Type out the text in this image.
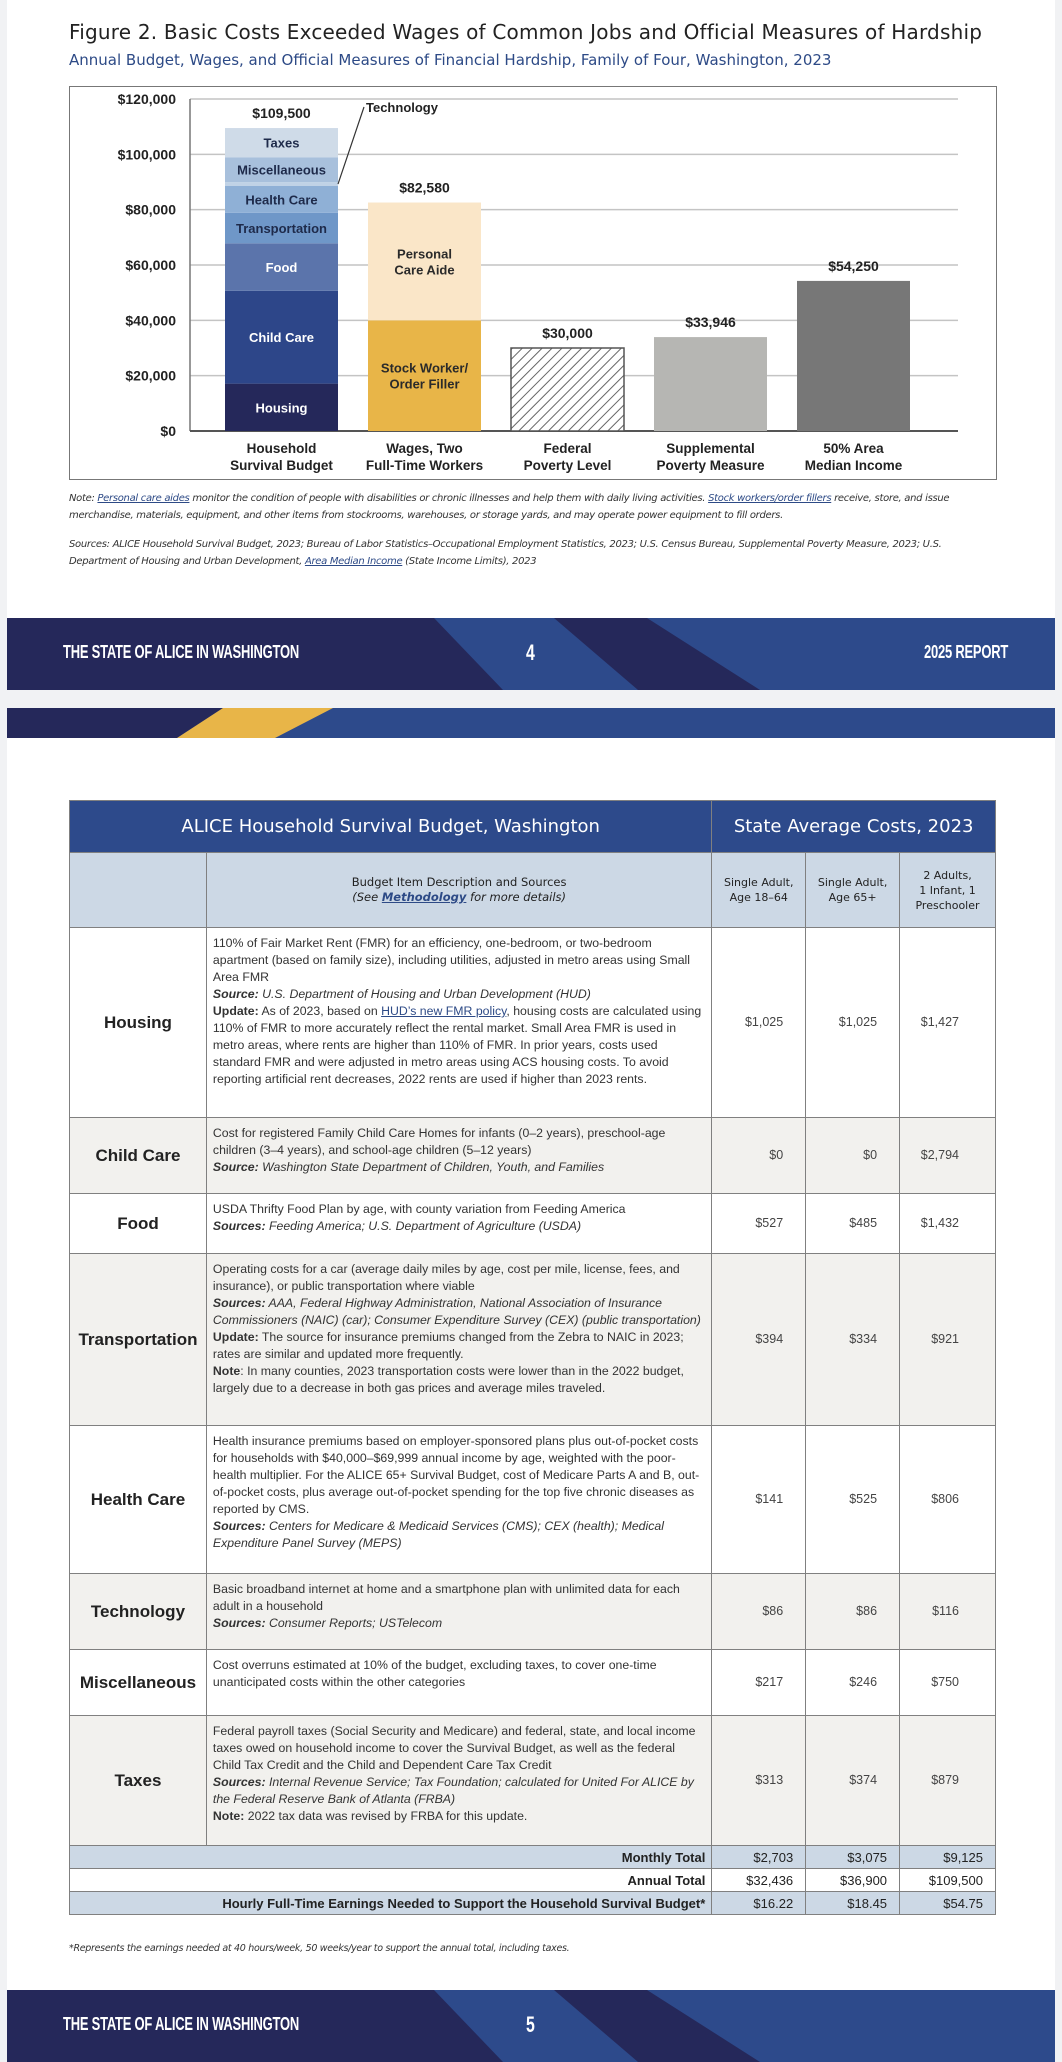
Figure 2. Basic Costs Exceeded Wages of Common Jobs and Official Measures of Hardship
Annual Budget, Wages, and Official Measures of Financial Hardship, Family of Four, Washington, 2023
$0
$20,000
$40,000
$60,000
$80,000
$100,000
$120,000
Housing
Child Care
Food
Transportation
Health Care
Miscellaneous
Taxes
$109,500
Household
Survival Budget
Stock Worker/
Order Filler
Personal
Care Aide
$82,580
Wages, Two
Full-Time Workers
$30,000
Federal
Poverty Level
$33,946
Supplemental
Poverty Measure
$54,250
50% Area
Median Income
Technology
Note: Personal care aides monitor the condition of people with disabilities or chronic illnesses and help them with daily living activities. Stock workers/order fillers receive, store, and issue merchandise, materials, equipment, and other items from stockrooms, warehouses, or storage yards, and may operate power equipment to fill orders.
Sources: ALICE Household Survival Budget, 2023; Bureau of Labor Statistics–Occupational Employment Statistics, 2023; U.S. Census Bureau, Supplemental Poverty Measure, 2023; U.S. Department of Housing and Urban Development, Area Median Income (State Income Limits), 2023
THE STATE OF ALICE IN WASHINGTON	4	2025 REPORT
ALICE Household Survival Budget, Washington		State Average Costs, 2023		

Budget Item Description and Sources
(See Methodology for more details)

Single Adult,
Age 18–64

Single Adult,
Age 65+

2 Adults,
1 Infant, 1
Preschooler

Housing	110% of Fair Market Rent (FMR) for an efficiency, one-bedroom, or two-bedroom apartment (based on family size), including utilities, adjusted in metro areas using Small Area FMR
Source: U.S. Department of Housing and Urban Development (HUD)
Update: As of 2023, based on HUD’s new FMR policy, housing costs are calculated using 110% of FMR to more accurately reflect the rental market. Small Area FMR is used in metro areas, where rents are higher than 110% of FMR. In prior years, costs used standard FMR and were adjusted in metro areas using ACS housing costs. To avoid reporting artificial rent decreases, 2022 rents are used if higher than 2023 rents.	$1,025	$1,025	$1,427
Child Care	Cost for registered Family Child Care Homes for infants (0–2 years), preschool-age children (3–4 years), and school-age children (5–12 years)
Source: Washington State Department of Children, Youth, and Families	$0	$0	$2,794
Food	USDA Thrifty Food Plan by age, with county variation from Feeding America
Sources: Feeding America; U.S. Department of Agriculture (USDA)	$527	$485	$1,432
Transportation	Operating costs for a car (average daily miles by age, cost per mile, license, fees, and insurance), or public transportation where viable
Sources: AAA, Federal Highway Administration, National Association of Insurance Commissioners (NAIC) (car); Consumer Expenditure Survey (CEX) (public transportation)
Update: The source for insurance premiums changed from the Zebra to NAIC in 2023; rates are similar and updated more frequently.
Note: In many counties, 2023 transportation costs were lower than in the 2022 budget, largely due to a decrease in both gas prices and average miles traveled.	$394	$334	$921
Health Care	Health insurance premiums based on employer-sponsored plans plus out-of-pocket costs for households with $40,000–$69,999 annual income by age, weighted with the poor-health multiplier. For the ALICE 65+ Survival Budget, cost of Medicare Parts A and B, out-of-pocket costs, plus average out-of-pocket spending for the top five chronic diseases as reported by CMS.
Sources: Centers for Medicare & Medicaid Services (CMS); CEX (health); Medical Expenditure Panel Survey (MEPS)	$141	$525	$806
Technology	Basic broadband internet at home and a smartphone plan with unlimited data for each adult in a household
Sources: Consumer Reports; USTelecom	$86	$86	$116
Miscellaneous	Cost overruns estimated at 10% of the budget, excluding taxes, to cover one-time unanticipated costs within the other categories	$217	$246	$750
Taxes	Federal payroll taxes (Social Security and Medicare) and federal, state, and local income taxes owed on household income to cover the Survival Budget, as well as the federal Child Tax Credit and the Child and Dependent Care Tax Credit
Sources: Internal Revenue Service; Tax Foundation; calculated for United For ALICE by the Federal Reserve Bank of Atlanta (FRBA)
Note: 2022 tax data was revised by FRBA for this update.	$313	$374	$879
Monthly Total		$2,703	$3,075	$9,125
Annual Total		$32,436	$36,900	$109,500
Hourly Full-Time Earnings Needed to Support the Household Survival Budget*		$16.22	$18.45	$54.75
*Represents the earnings needed at 40 hours/week, 50 weeks/year to support the annual total, including taxes.
THE STATE OF ALICE IN WASHINGTON	5
